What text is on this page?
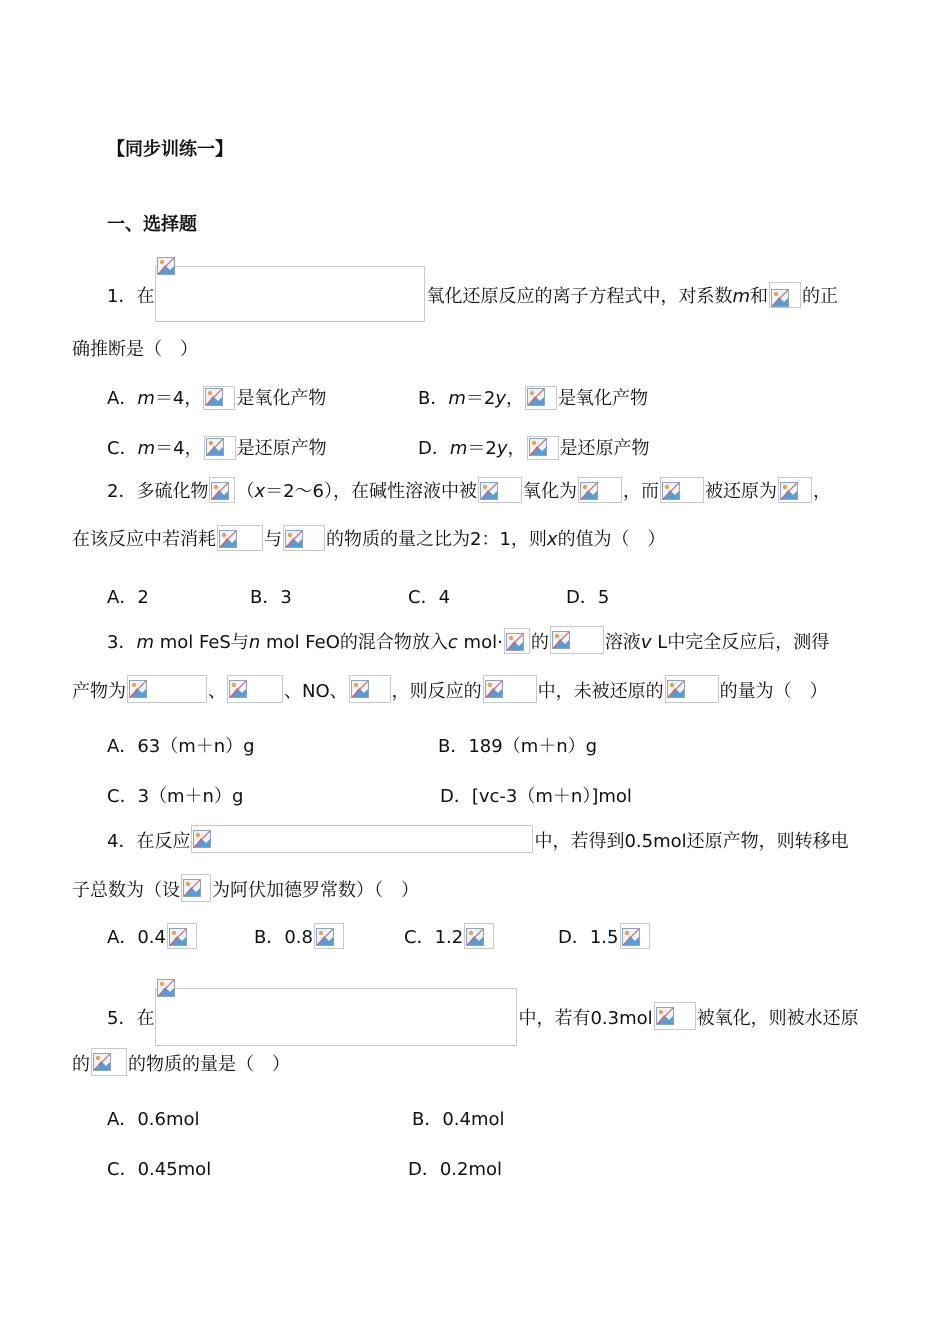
【同步训练一】
一、选择题
1．在	氧化还原反应的离子方程式中，对系数m和 的正
确推断是（　）
A．m＝4， 是氧化产物	B．m＝2y， 是氧化产物
C．m＝4， 是还原产物	D．m＝2y， 是还原产物
2．多硫化物 （x＝2～6），在碱性溶液中被	氧化为	，而	被还原为 ，
在该反应中若消耗	与 的物质的量之比为2：1，则x的值为（　）
A．2	B．3	C．4	D．5
3．m mol FeS与n mol FeO的混合物放入c mol· 的	溶液v L中完全反应后，测得
产物为	、	、NO、 ，则反应的	中，未被还原的	的量为（　）
A．63（m＋n）g	B．189（m＋n）g
C．3（m＋n）g	D．[vc-3（m＋n）]mol
4．在反应	中，若得到0.5mol还原产物，则转移电
子总数为（设 为阿伏加德罗常数）（　）
A．0.4	B．0.8	C．1.2	D．1.5
5．在	中，若有0.3mol 被氧化，则被水还原
的 的物质的量是（　）
A．0.6mol	B．0.4mol
C．0.45mol	D．0.2mol
